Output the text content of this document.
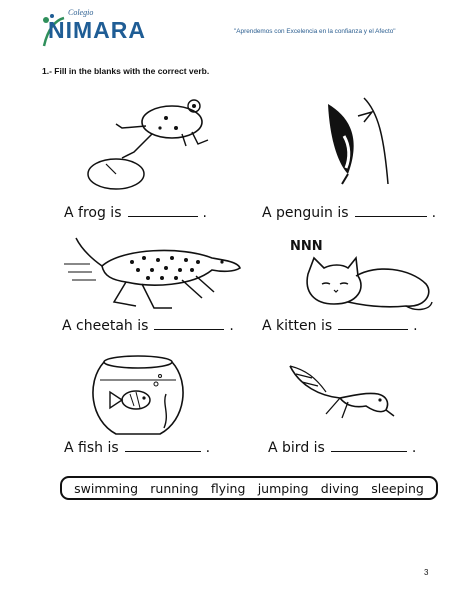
Colegio
NIMARA	"Aprendemos con Excelencia en la confianza y el Afecto"
1.- Fill in the blanks with the correct verb.
NNN
A frog is	.	A penguin is	.
A cheetah is	. A kitten is	.
A fish is	.	A bird is	.
swimming running flying jumping diving sleeping
3
